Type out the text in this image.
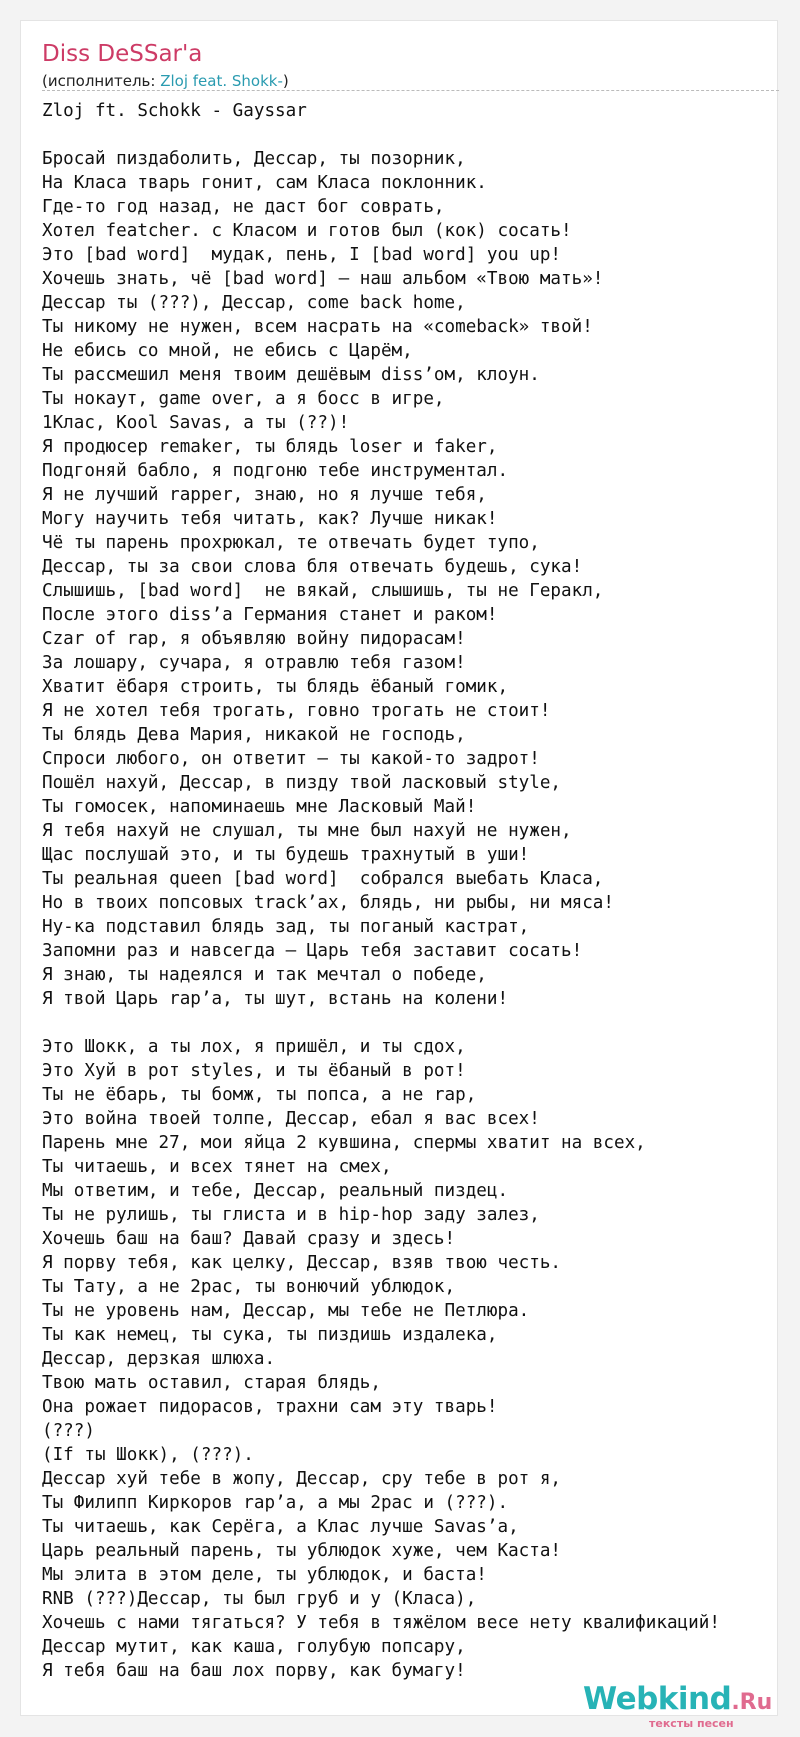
Diss DeSSar'a
(исполнитель: Zloj feat. Shokk-)
Zloj ft. Schokk - Gayssar

Бросай пиздаболить, Дессар, ты позорник,
На Класа тварь гонит, сам Класа поклонник.
Где-то год назад, не даст бог соврать,
Хотел featcher. с Класом и готов был (кок) сосать!
Это [bad word]  мудак, пень, I [bad word] you up!
Хочешь знать, чё [bad word] – наш альбом «Твою мать»!
Дессар ты (???), Дессар, come back home,
Ты никому не нужен, всем насрать на «comeback» твой!
Не ебись со мной, не ебись с Царём,
Ты рассмешил меня твоим дешёвым diss’ом, клоун.
Ты нокаут, game over, а я босс в игре,
1Клас, Kool Savas, а ты (??)!
Я продюсер remaker, ты блядь loser и faker,
Подгоняй бабло, я подгоню тебе инструментал.
Я не лучший rapper, знаю, но я лучше тебя,
Могу научить тебя читать, как? Лучше никак!
Чё ты парень прохрюкал, те отвечать будет тупо,
Дессар, ты за свои слова бля отвечать будешь, сука!
Слышишь, [bad word]  не вякай, слышишь, ты не Геракл,
После этого diss’а Германия станет и раком!
Czar of rap, я объявляю войну пидорасам!
За лошару, сучара, я отравлю тебя газом!
Хватит ёбаря строить, ты блядь ёбаный гомик,
Я не хотел тебя трогать, говно трогать не стоит!
Ты блядь Дева Мария, никакой не господь,
Спроси любого, он ответит – ты какой-то задрот!
Пошёл нахуй, Дессар, в пизду твой ласковый style,
Ты гомосек, напоминаешь мне Ласковый Май!
Я тебя нахуй не слушал, ты мне был нахуй не нужен,
Щас послушай это, и ты будешь трахнутый в уши!
Ты реальная queen [bad word]  собрался выебать Класа,
Но в твоих попсовых track’ах, блядь, ни рыбы, ни мяса!
Ну-ка подставил блядь зад, ты поганый кастрат,
Запомни раз и навсегда – Царь тебя заставит сосать!
Я знаю, ты надеялся и так мечтал о победе,
Я твой Царь rap’a, ты шут, встань на колени!

Это Шокк, а ты лох, я пришёл, и ты сдох,
Это Хуй в рот styles, и ты ёбаный в рот!
Ты не ёбарь, ты бомж, ты попса, а не rap,
Это война твоей толпе, Дессар, ебал я вас всех!
Парень мне 27, мои яйца 2 кувшина, спермы хватит на всех,
Ты читаешь, и всех тянет на смех,
Мы ответим, и тебе, Дессар, реальный пиздец.
Ты не рулишь, ты глиста и в hip-hop заду залез,
Хочешь баш на баш? Давай сразу и здесь!
Я порву тебя, как целку, Дессар, взяв твою честь.
Ты Тату, а не 2pac, ты вонючий ублюдок,
Ты не уровень нам, Дессар, мы тебе не Петлюра.
Ты как немец, ты сука, ты пиздишь издалека,
Дессар, дерзкая шлюха.
Твою мать оставил, старая блядь,
Она рожает пидорасов, трахни сам эту тварь!
(???)
(If ты Шокк), (???).
Дессар хуй тебе в жопу, Дессар, сру тебе в рот я,
Ты Филипп Киркоров rap’a, а мы 2pac и (???).
Ты читаешь, как Серёга, а Клас лучше Savas’a,
Царь реальный парень, ты ублюдок хуже, чем Каста!
Мы элита в этом деле, ты ублюдок, и баста!
RNB (???)Дессар, ты был груб и у (Класа),
Хочешь с нами тягаться? У тебя в тяжёлом весе нету квалификаций!
Дессар мутит, как каша, голубую попсару,
Я тебя баш на баш лох порву, как бумагу!

Webkind.Ru
тексты песен
